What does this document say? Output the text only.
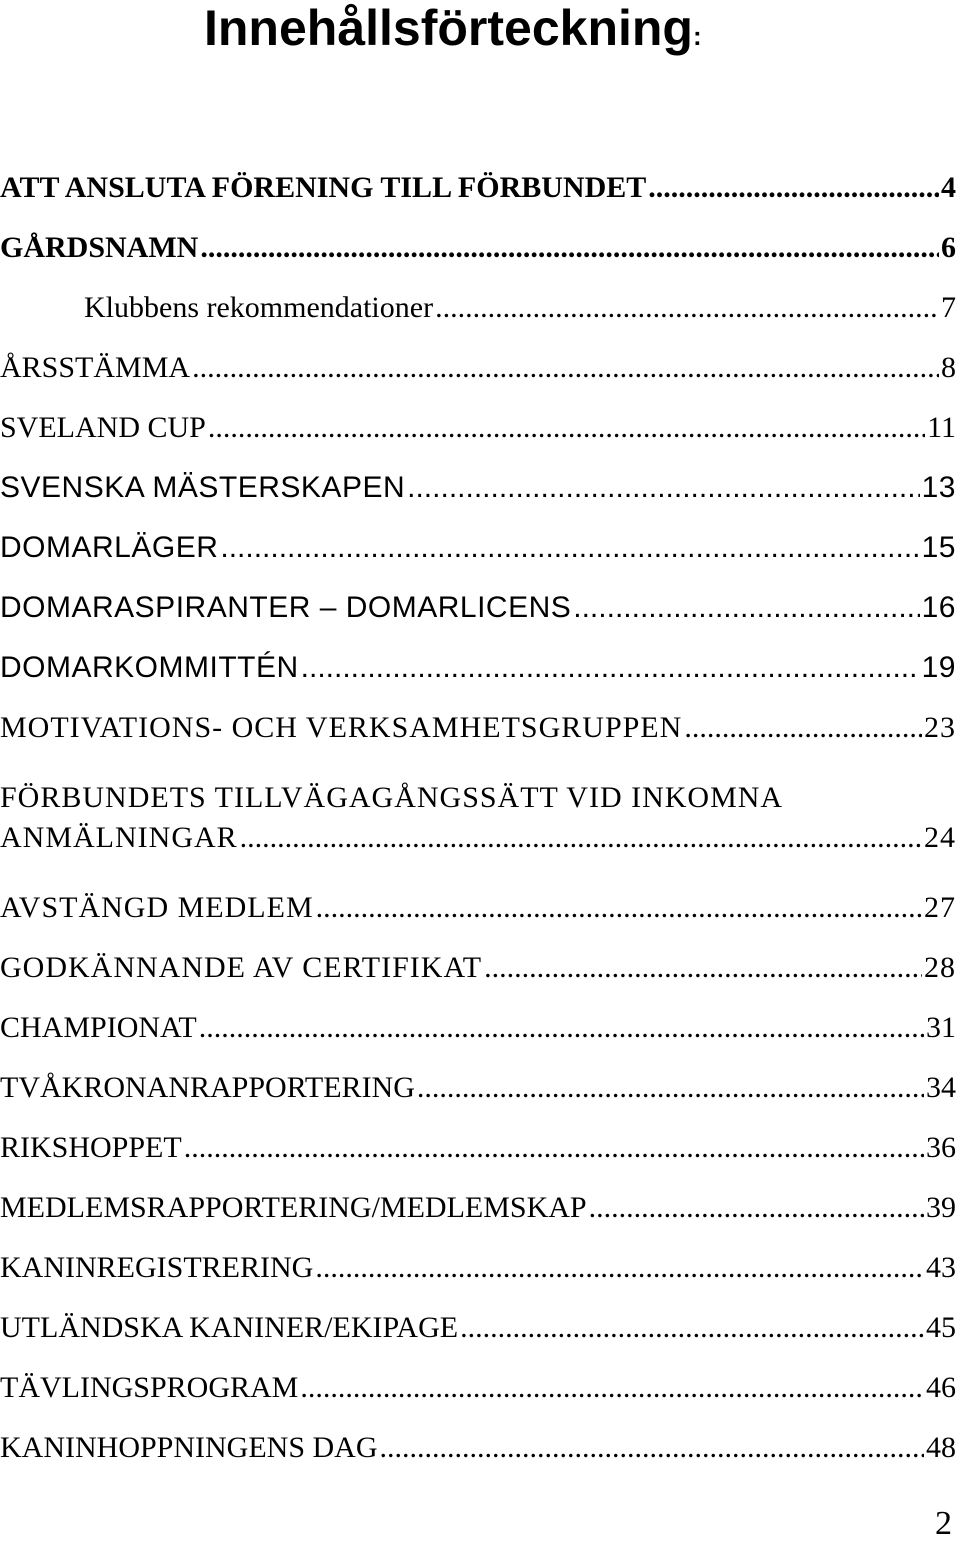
Innehållsförteckning:
ATT ANSLUTA FÖRENING TILL FÖRBUNDET .....	4
GÅRDSNAMN .....	6
Klubbens rekommendationer .....	7
ÅRSSTÄMMA .....	8
SVELAND CUP .....	11
SVENSKA MÄSTERSKAPEN .....	13
DOMARLÄGER .....	15
DOMARASPIRANTER – DOMARLICENS .....	16
DOMARKOMMITTÉN .....	19
MOTIVATIONS- OCH VERKSAMHETSGRUPPEN .....	23
FÖRBUNDETS TILLVÄGAGÅNGSSÄTT VID INKOMNA
ANMÄLNINGAR .....	24
AVSTÄNGD MEDLEM .....	27
GODKÄNNANDE AV CERTIFIKAT .....	28
CHAMPIONAT .....	31
TVÅKRONANRAPPORTERING .....	34
RIKSHOPPET .....	36
MEDLEMSRAPPORTERING/MEDLEMSKAP .....	39
KANINREGISTRERING .....	43
UTLÄNDSKA KANINER/EKIPAGE .....	45
TÄVLINGSPROGRAM .....	46
KANINHOPPNINGENS DAG .....	48
2
